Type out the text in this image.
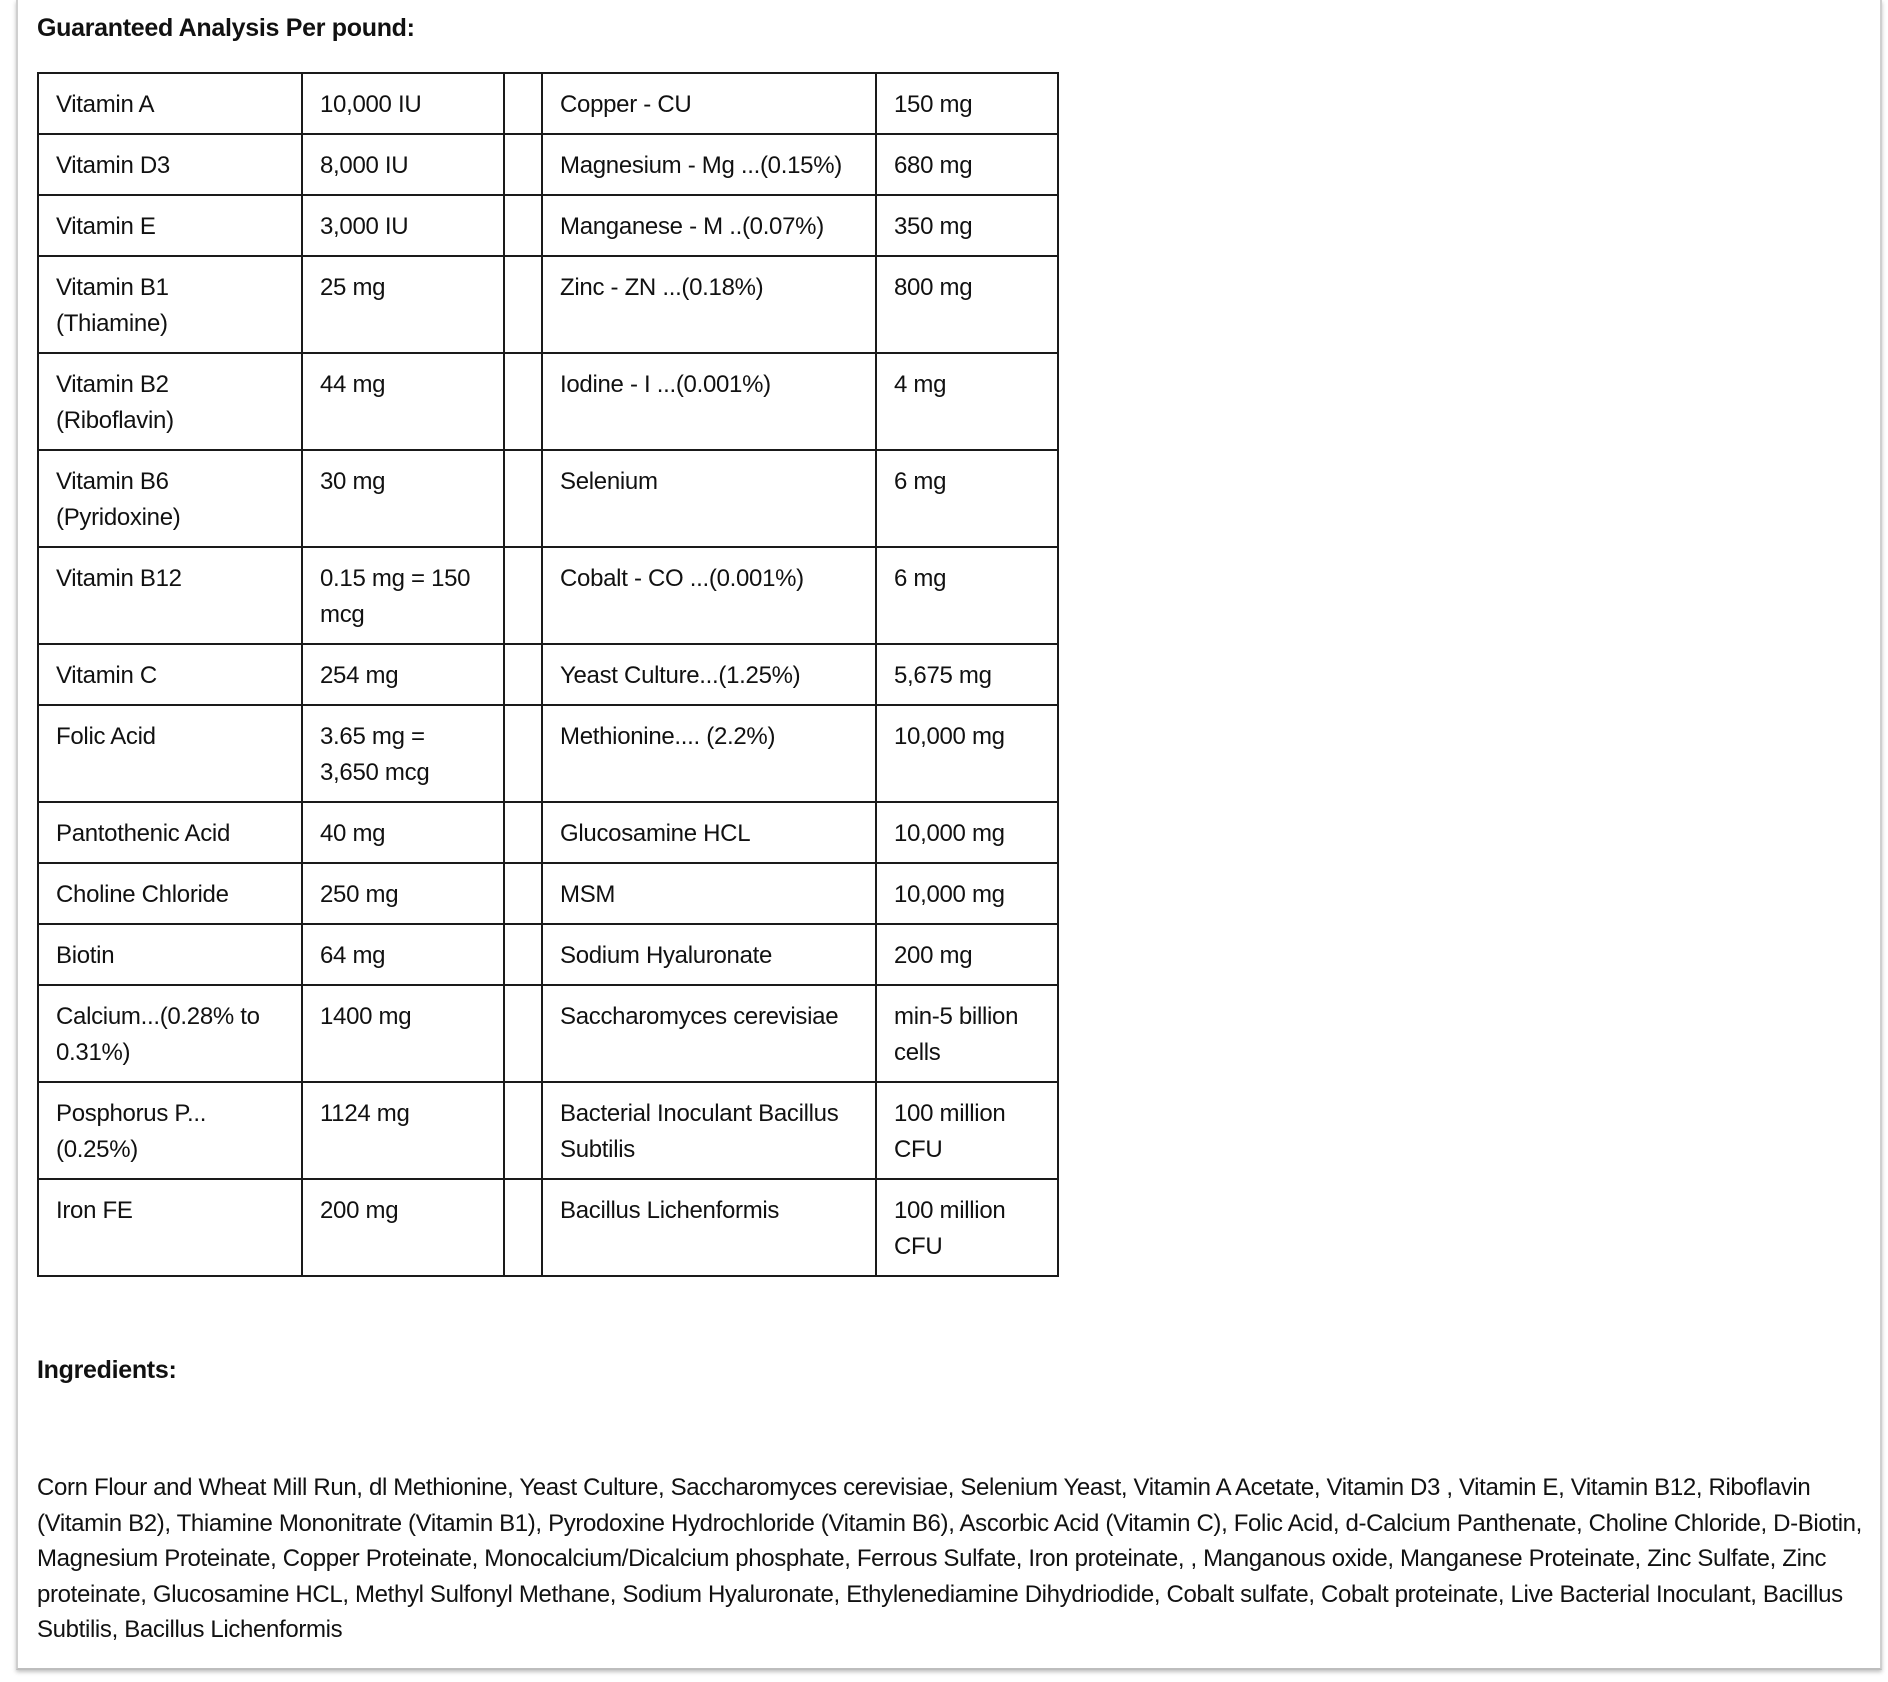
Guaranteed Analysis Per pound:
Vitamin A	10,000 IU		Copper - CU	150 mg
Vitamin D3	8,000 IU		Magnesium - Mg ...(0.15%)	680 mg
Vitamin E	3,000 IU		Manganese - M ..(0.07%)	350 mg
Vitamin B1 (Thiamine)	25 mg		Zinc - ZN ...(0.18%)	800 mg
Vitamin B2 (Riboflavin)	44 mg		Iodine - I ...(0.001%)	4 mg
Vitamin B6 (Pyridoxine)	30 mg		Selenium	6 mg
Vitamin B12	0.15 mg = 150 mcg		Cobalt - CO ...(0.001%)	6 mg
Vitamin C	254 mg		Yeast Culture...(1.25%)	5,675 mg
Folic Acid	3.65 mg = 3,650 mcg		Methionine.... (2.2%)	10,000 mg
Pantothenic Acid	40 mg		Glucosamine HCL	10,000 mg
Choline Chloride	250 mg		MSM	10,000 mg
Biotin	64 mg		Sodium Hyaluronate	200 mg
Calcium...(0.28% to 0.31%)	1400 mg		Saccharomyces cerevisiae	min-5 billion cells
Posphorus P... (0.25%)	1124 mg		Bacterial Inoculant Bacillus Subtilis	100 million CFU
Iron FE	200 mg		Bacillus Lichenformis	100 million CFU
Ingredients:

Corn Flour and Wheat Mill Run, dl Methionine, Yeast Culture, Saccharomyces cerevisiae, Selenium Yeast, Vitamin A Acetate, Vitamin D3 , Vitamin E, Vitamin B12, Riboflavin (Vitamin B2), Thiamine Mononitrate (Vitamin B1), Pyrodoxine Hydrochloride (Vitamin B6), Ascorbic Acid (Vitamin C), Folic Acid, d-Calcium Panthenate, Choline Chloride, D-Biotin, Magnesium Proteinate, Copper Proteinate, Monocalcium/Dicalcium phosphate, Ferrous Sulfate, Iron proteinate, , Manganous oxide, Manganese Proteinate, Zinc Sulfate, Zinc proteinate, Glucosamine HCL, Methyl Sulfonyl Methane, Sodium Hyaluronate, Ethylenediamine Dihydriodide, Cobalt sulfate, Cobalt proteinate, Live Bacterial Inoculant, Bacillus Subtilis, Bacillus Lichenformis
